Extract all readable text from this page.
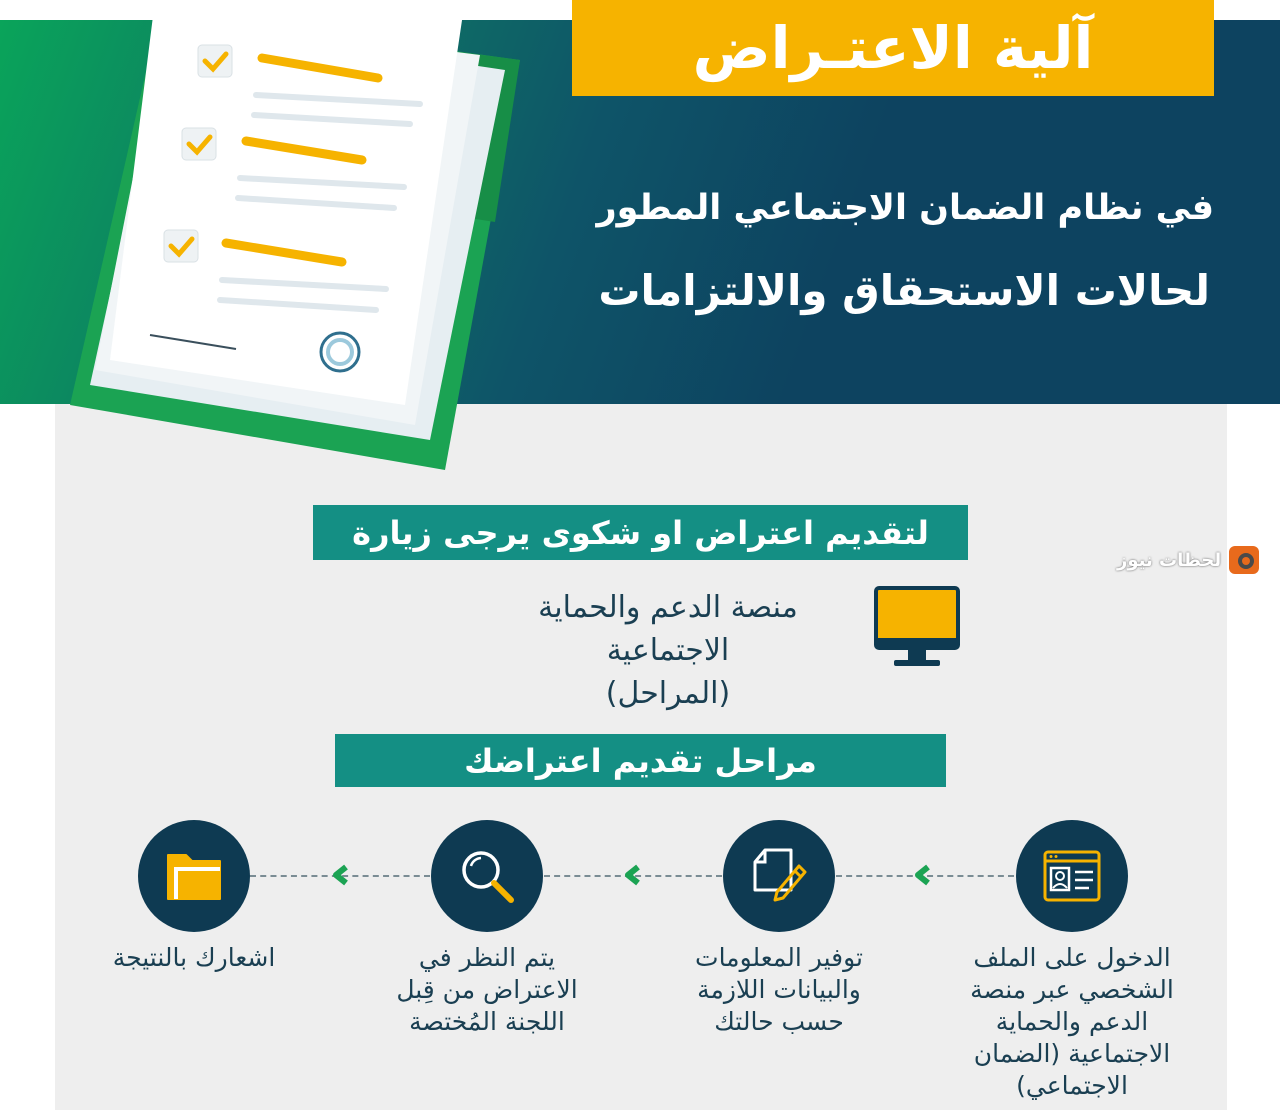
آلية الاعتـراض
في نظام الضمان الاجتماعي المطور
لحالات الاستحقاق والالتزامات
لتقديم اعتراض او شكوى يرجى زيارة
منصة الدعم والحماية الاجتماعية
(المراحل)
لحظات نيوز
مراحل تقديم اعتراضك
الدخول على الملف الشخصي عبر منصة الدعم والحماية الاجتماعية (الضمان الاجتماعي)
توفير المعلومات والبيانات اللازمة حسب حالتك
يتم النظر في الاعتراض من قِبل اللجنة المُختصة
اشعارك بالنتيجة
